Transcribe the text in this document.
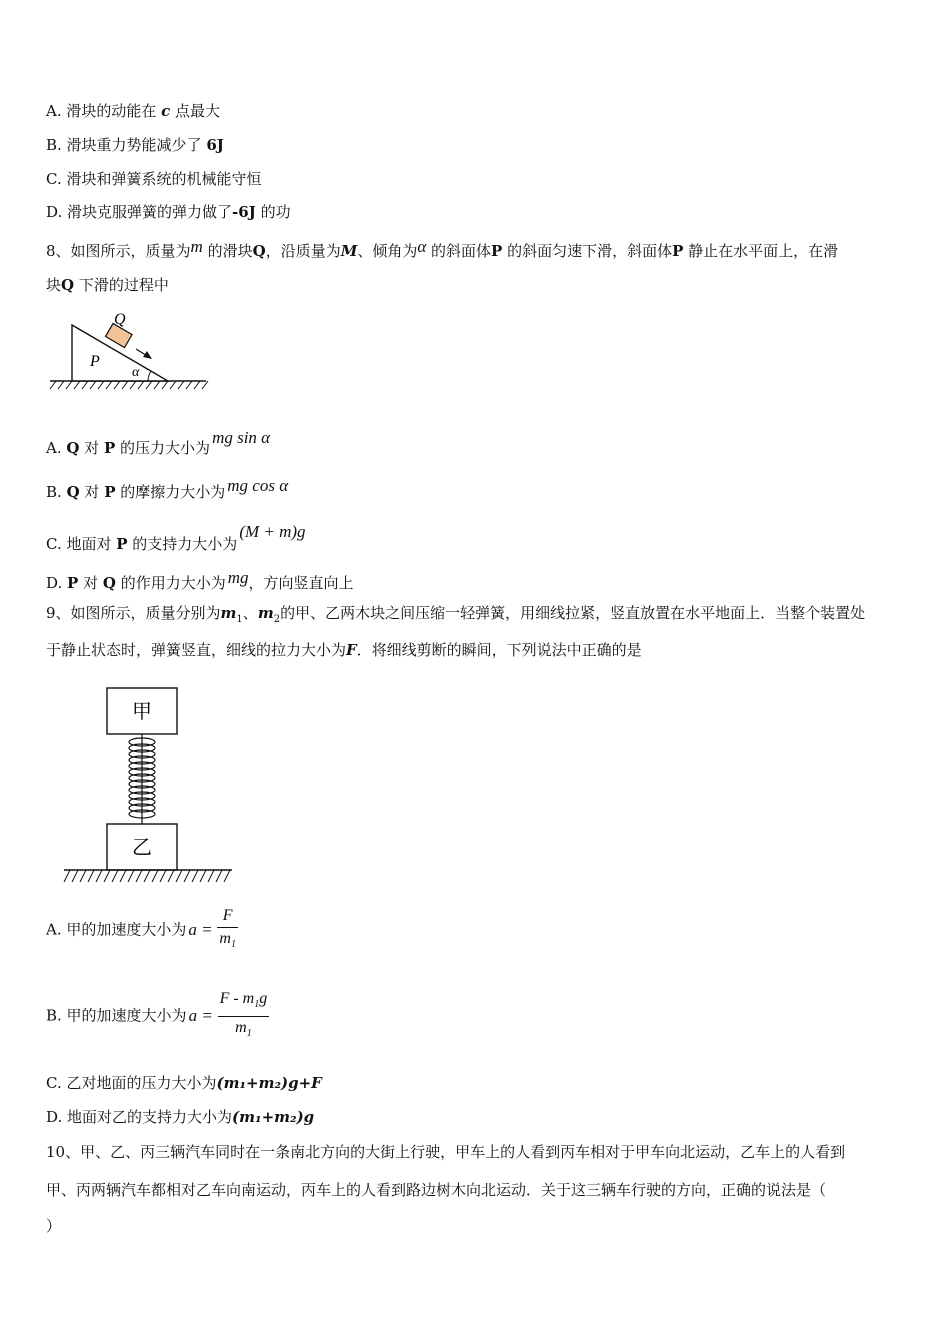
A. 滑块的动能在 c 点最大
B. 滑块重力势能减少了 6J
C. 滑块和弹簧系统的机械能守恒
D. 滑块克服弹簧的弹力做了-6J 的功
8、如图所示，质量为m 的滑块Q，沿质量为M、倾角为α 的斜面体P 的斜面匀速下滑，斜面体P 静止在水平面上，在滑
块Q 下滑的过程中
Q
P
α
A. Q 对 P 的压力大小为mg sin α
B. Q 对 P 的摩擦力大小为 mg cos α
C. 地面对 P 的支持力大小为(M + m)g
D. P 对 Q 的作用力大小为 mg，方向竖直向上
9、如图所示，质量分别为$m_1$、$m_2$的甲、乙两木块之间压缩一轻弹簧，用细线拉紧，竖直放置在水平地面上．当整个装置处
于静止状态时，弹簧竖直，细线的拉力大小为F．将细线剪断的瞬间，下列说法中正确的是
甲
乙
A. 甲的加速度大小为 $a = \frac{F}{m_1}$
B. 甲的加速度大小为 $a = \frac{F - m_1g}{m_1}$
C. 乙对地面的压力大小为(m₁+m₂)g+F
D. 地面对乙的支持力大小为(m₁+m₂)g
10、甲、乙、丙三辆汽车同时在一条南北方向的大街上行驶，甲车上的人看到丙车相对于甲车向北运动，乙车上的人看到
甲、丙两辆汽车都相对乙车向南运动，丙车上的人看到路边树木向北运动．关于这三辆车行驶的方向，正确的说法是（
）
